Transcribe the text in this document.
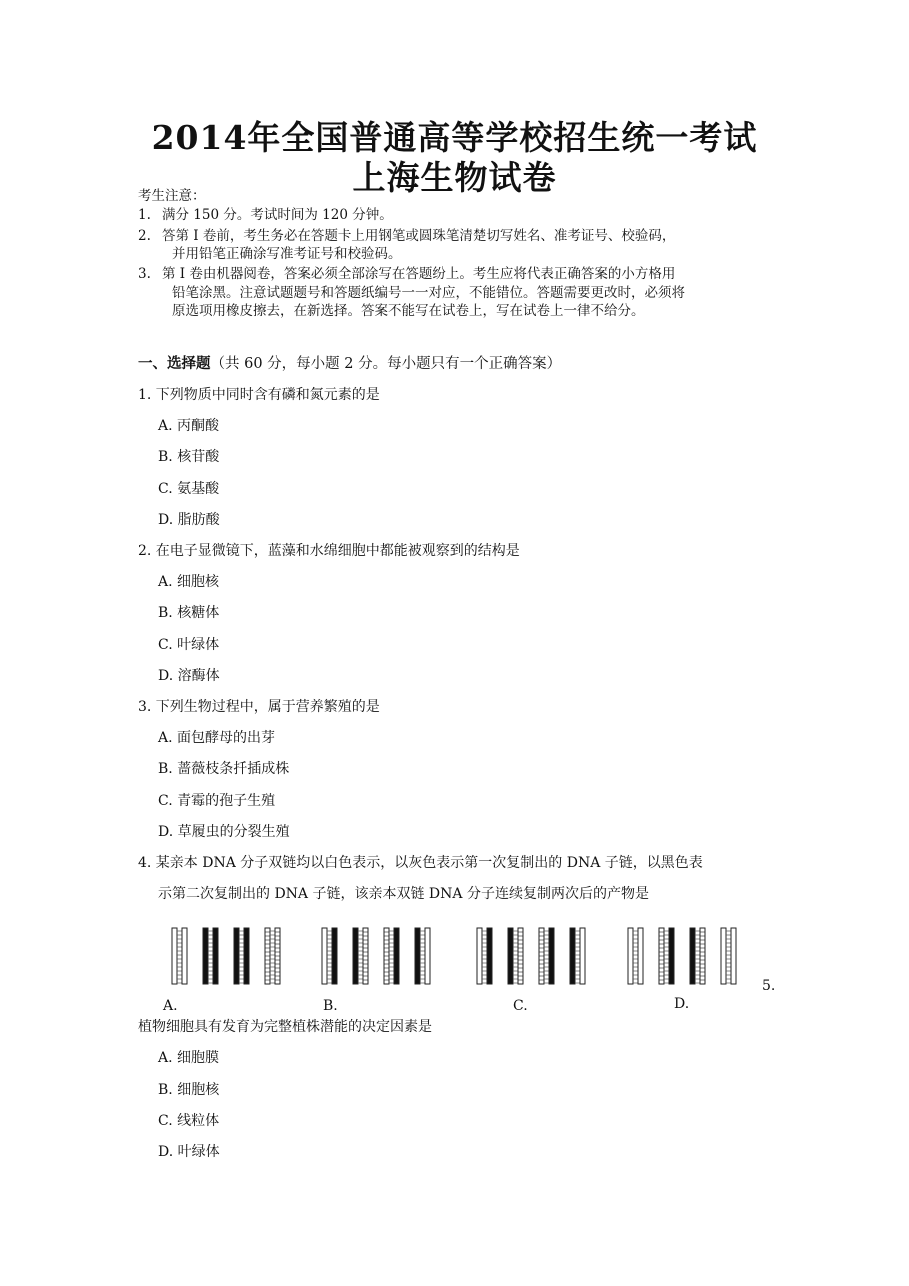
2014年全国普通高等学校招生统一考试
上海生物试卷
考生注意：
1. 满分 150 分。考试时间为 120 分钟。
2. 答第 Ⅰ 卷前，考生务必在答题卡上用钢笔或圆珠笔清楚切写姓名、准考证号、校验码，
并用铅笔正确涂写准考证号和校验码。
3. 第 Ⅰ 卷由机器阅卷，答案必须全部涂写在答题纷上。考生应将代表正确答案的小方格用
铅笔涂黑。注意试题题号和答题纸编号一一对应，不能错位。答题需要更改时，必须将
原选项用橡皮擦去，在新选择。答案不能写在试卷上，写在试卷上一律不给分。
一、选择题（共 60 分，每小题 2 分。每小题只有一个正确答案）
1. 下列物质中同时含有磷和氮元素的是
A. 丙酮酸
B. 核苷酸
C. 氨基酸
D. 脂肪酸
2. 在电子显微镜下，蓝藻和水绵细胞中都能被观察到的结构是
A. 细胞核
B. 核糖体
C. 叶绿体
D. 溶酶体
3. 下列生物过程中，属于营养繁殖的是
A. 面包酵母的出芽
B. 蔷薇枝条扦插成株
C. 青霉的孢子生殖
D. 草履虫的分裂生殖
4. 某亲本 DNA 分子双链均以白色表示，以灰色表示第一次复制出的 DNA 子链，以黑色表
示第二次复制出的 DNA 子链，该亲本双链 DNA 分子连续复制两次后的产物是
A.	B.	C.	D.
5.
植物细胞具有发育为完整植株潜能的决定因素是
A. 细胞膜
B. 细胞核
C. 线粒体
D. 叶绿体
